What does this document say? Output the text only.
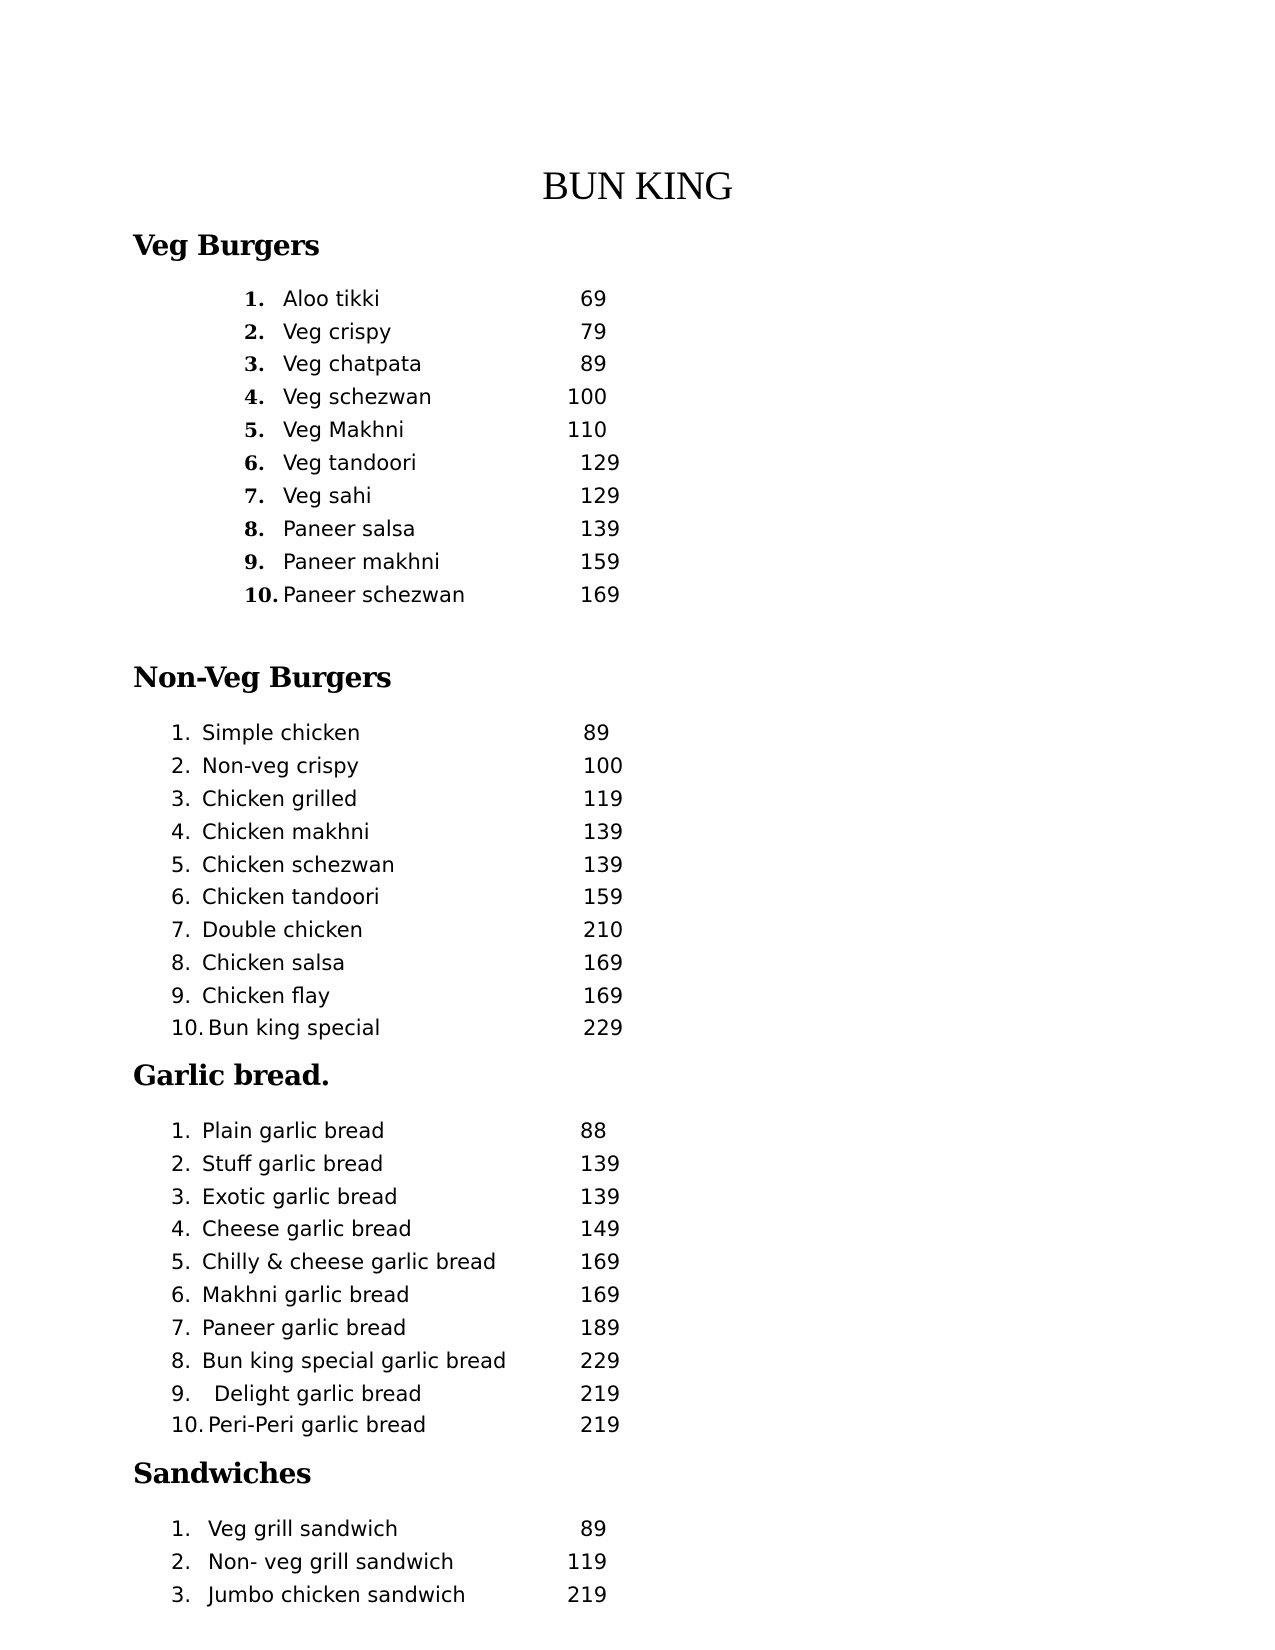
BUN KING
Veg Burgers
1. Aloo tikki	69
2. Veg crispy	79
3. Veg chatpata	89
4. Veg schezwan	100
5. Veg Makhni	110
6. Veg tandoori	129
7. Veg sahi	129
8. Paneer salsa	139
9. Paneer makhni	159
10. Paneer schezwan	169
Non-Veg Burgers
1. Simple chicken	89
2. Non-veg crispy	100
3. Chicken grilled	119
4. Chicken makhni	139
5. Chicken schezwan	139
6. Chicken tandoori	159
7. Double chicken	210
8. Chicken salsa	169
9. Chicken flay	169
10. Bun king special	229
Garlic bread.
1. Plain garlic bread	88
2. Stuff garlic bread	139
3. Exotic garlic bread	139
4. Cheese garlic bread	149
5. Chilly & cheese garlic bread	169
6. Makhni garlic bread	169
7. Paneer garlic bread	189
8. Bun king special garlic bread	229
9. Delight garlic bread	219
10. Peri-Peri garlic bread	219
Sandwiches
1. Veg grill sandwich	89
2. Non- veg grill sandwich	119
3. Jumbo chicken sandwich	219
